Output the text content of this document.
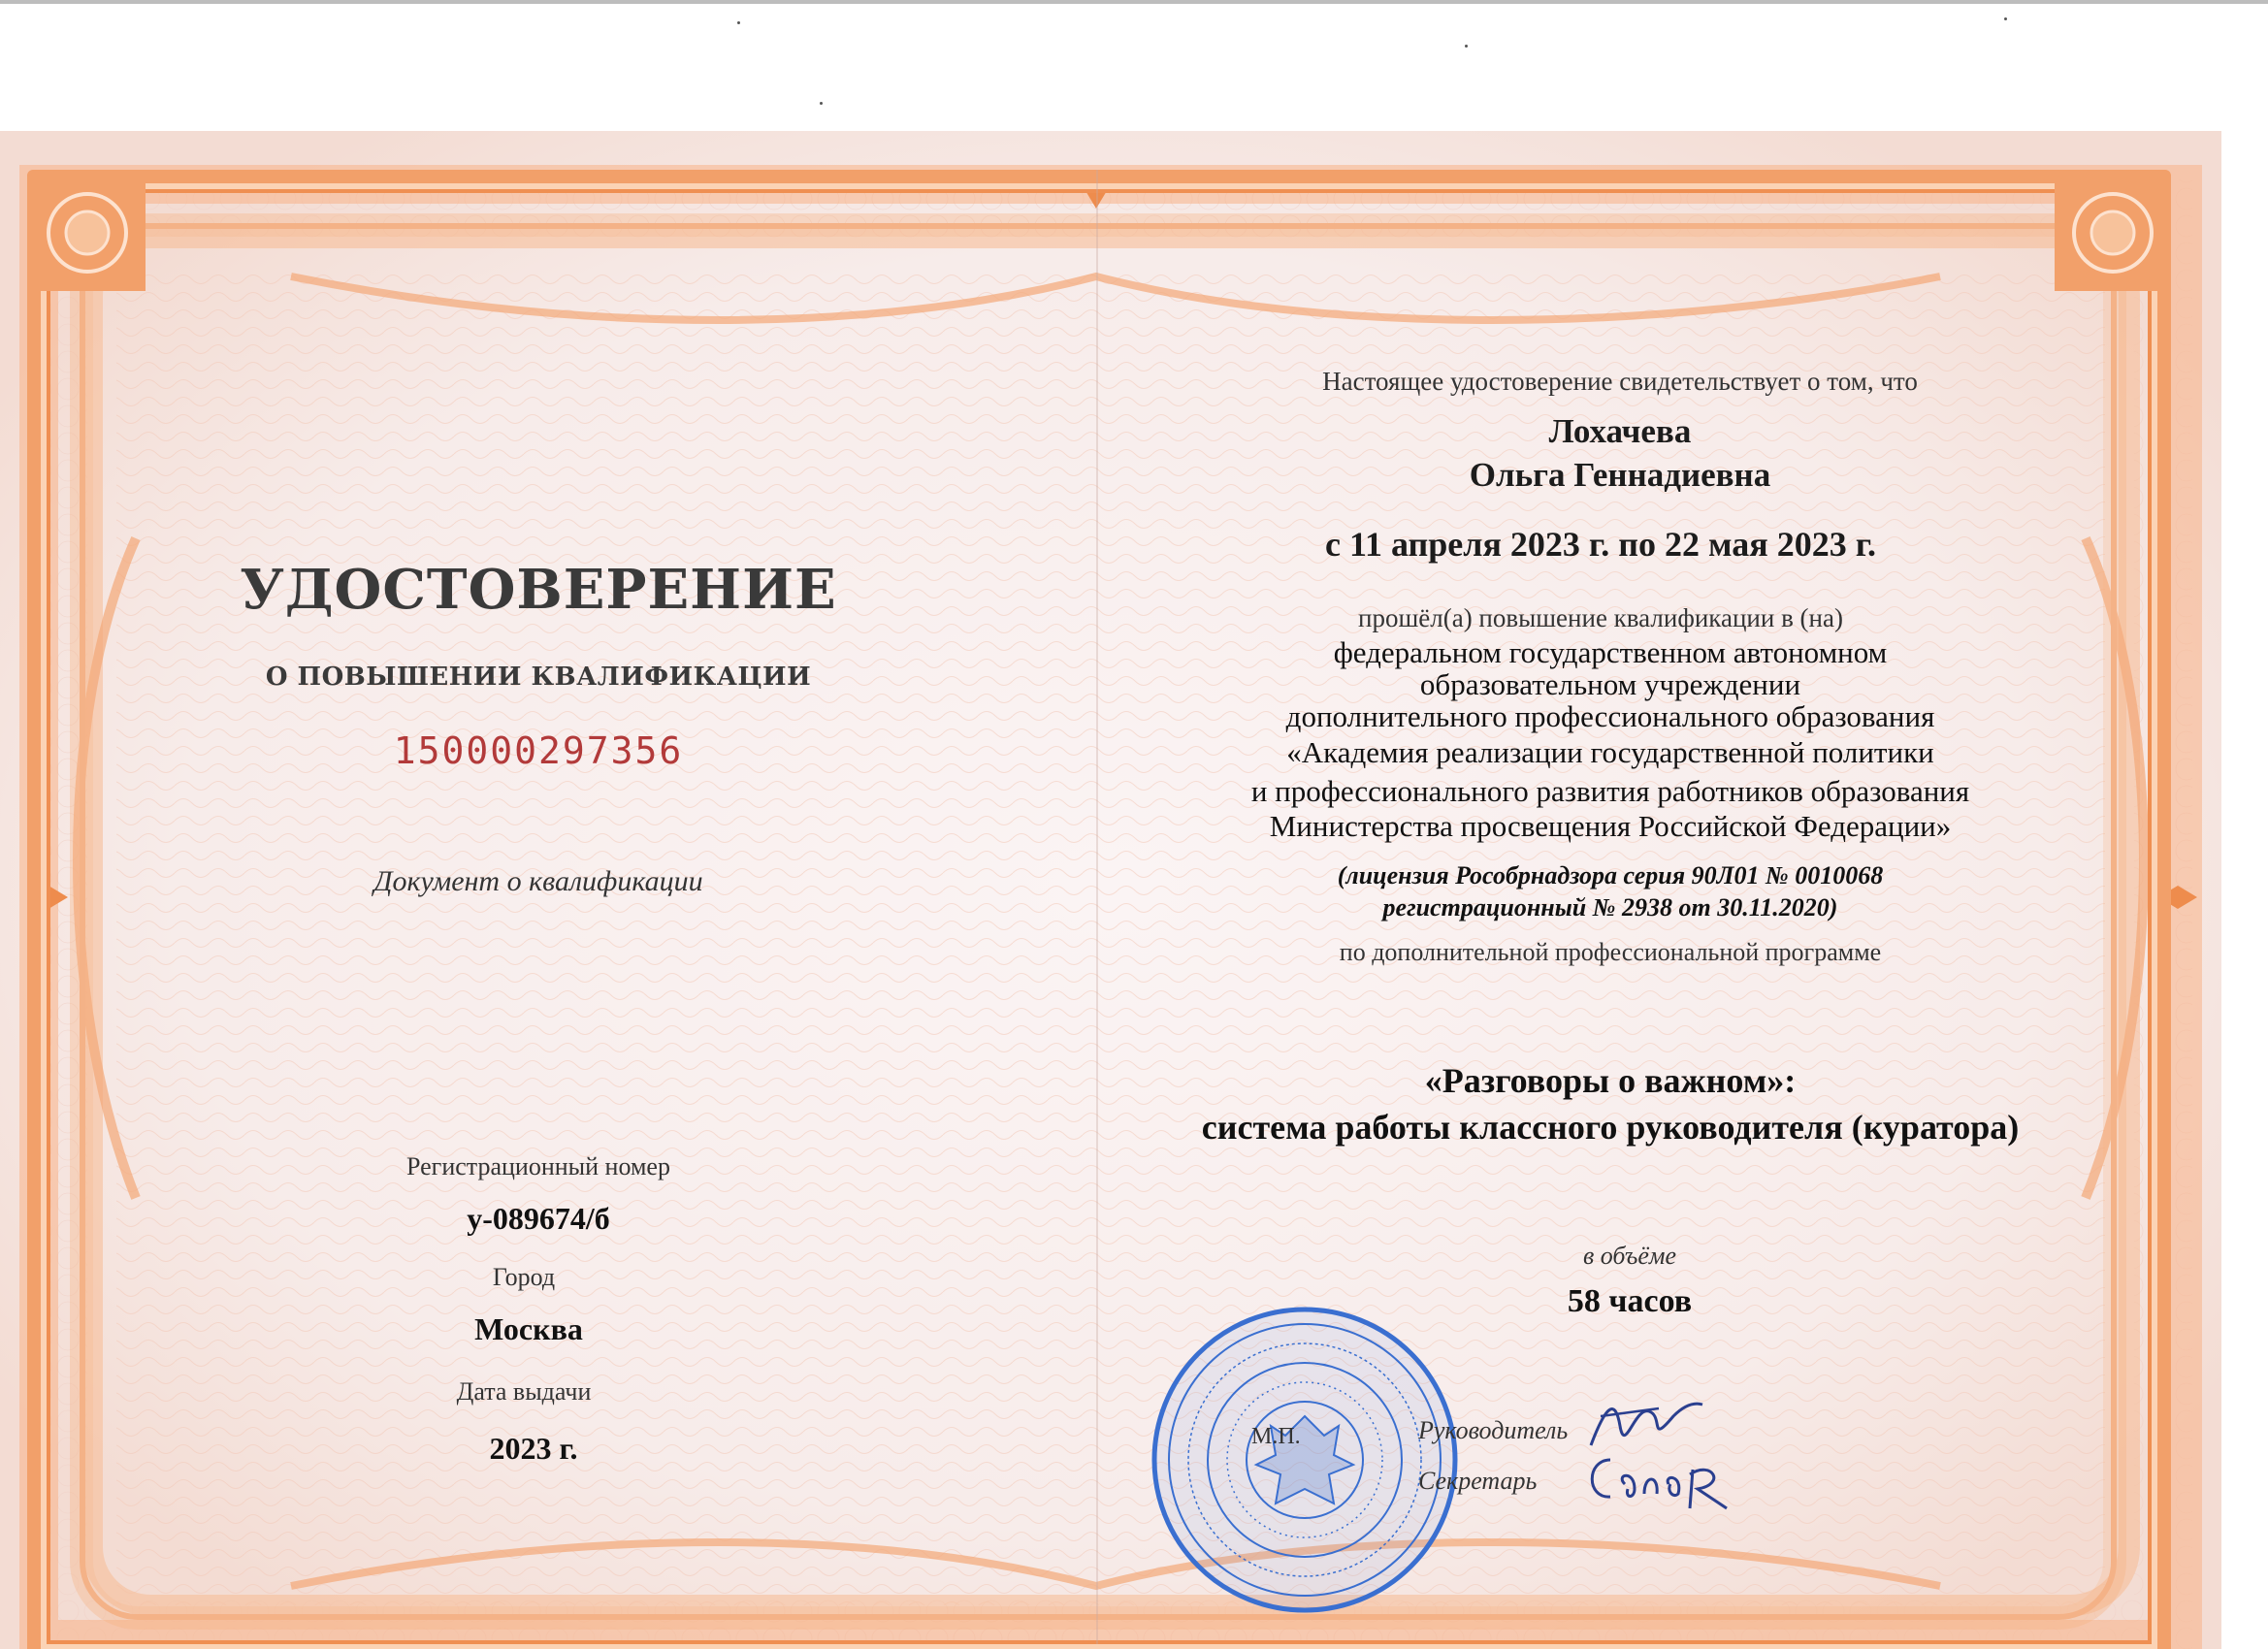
УДОСТОВЕРЕНИЕ
О ПОВЫШЕНИИ КВАЛИФИКАЦИИ
150000297356
Документ о квалификации
Регистрационный номер
у-089674/б
Город
Москва
Дата выдачи
2023 г.
Настоящее удостоверение свидетельствует о том, что
Лохачева
Ольга Геннадиевна
с 11 апреля 2023 г. по 22 мая 2023 г.
прошёл(а) повышение квалификации в (на)
федеральном государственном автономном
образовательном учреждении
дополнительного профессионального образования
«Академия реализации государственной политики
и профессионального развития работников образования
Министерства просвещения Российской Федерации»
(лицензия Рособрнадзора серия 90Л01 № 0010068
регистрационный № 2938 от 30.11.2020)
по дополнительной профессиональной программе
«Разговоры о важном»:
система работы классного руководителя (куратора)
в объёме
58 часов
М.П.	Руководитель
Секретарь
